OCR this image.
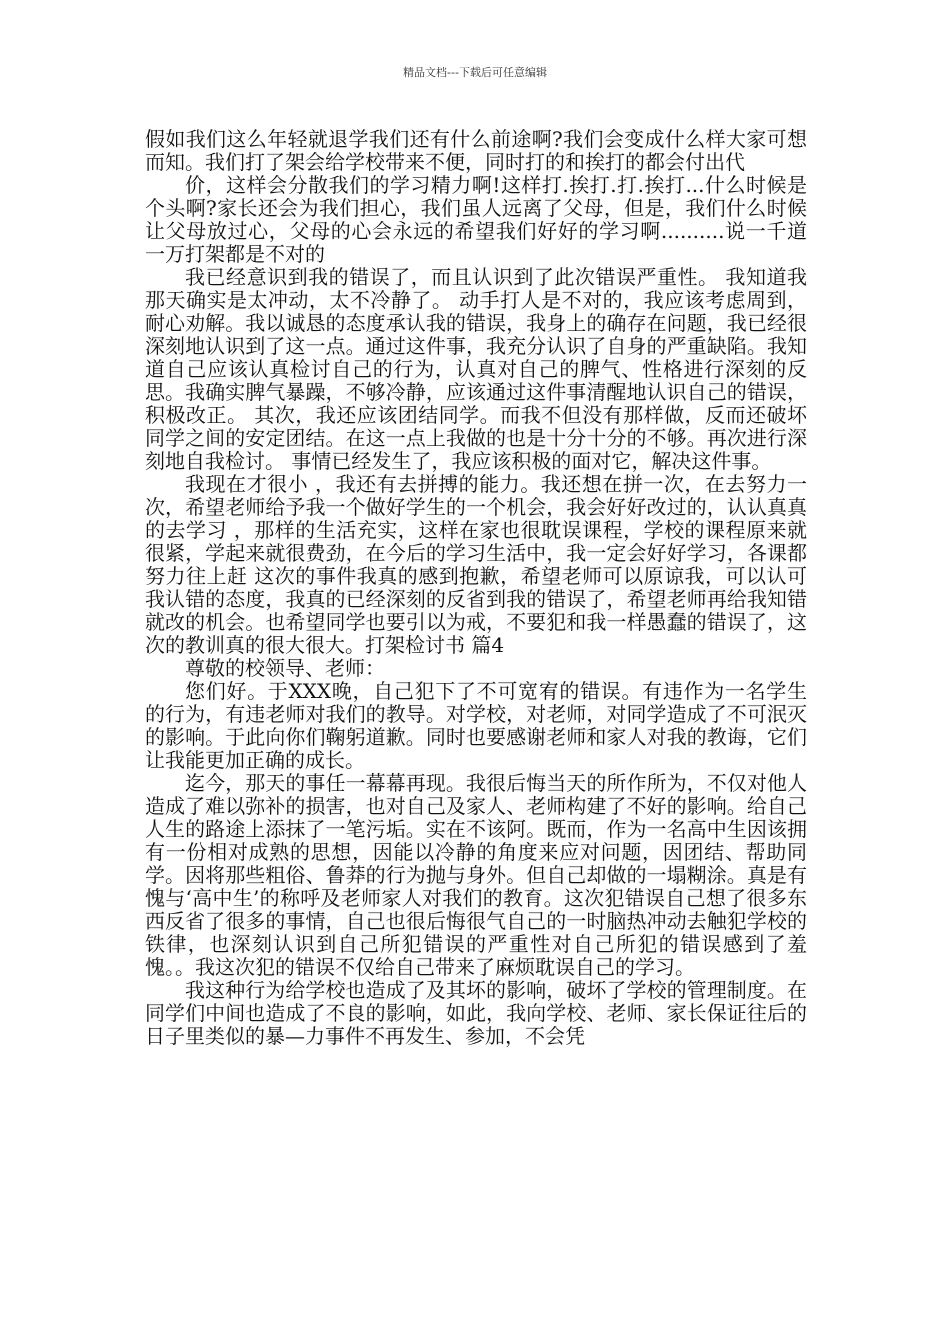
精品文档---下载后可任意编辑

假如我们这么年轻就退学我们还有什么前途啊?我们会变成什么样大家可想而知。我们打了架会给学校带来不便，同时打的和挨打的都会付出代

价，这样会分散我们的学习精力啊!这样打.挨打.打.挨打...什么时候是个头啊?家长还会为我们担心，我们虽人远离了父母，但是，我们什么时候让父母放过心，父母的心会永远的希望我们好好的学习啊..........说一千道一万打架都是不对的

我已经意识到我的错误了，而且认识到了此次错误严重性。 我知道我那天确实是太冲动，太不冷静了。 动手打人是不对的，我应该考虑周到，耐心劝解。我以诚恳的态度承认我的错误，我身上的确存在问题，我已经很深刻地认识到了这一点。通过这件事，我充分认识了自身的严重缺陷。我知道自己应该认真检讨自己的行为，认真对自己的脾气、性格进行深刻的反思。我确实脾气暴躁，不够冷静，应该通过这件事清醒地认识自己的错误，积极改正。 其次，我还应该团结同学。而我不但没有那样做，反而还破坏同学之间的安定团结。在这一点上我做的也是十分十分的不够。再次进行深刻地自我检讨。 事情已经发生了，我应该积极的面对它，解决这件事。

我现在才很小 ，我还有去拼搏的能力。我还想在拼一次，在去努力一次，希望老师给予我一个做好学生的一个机会，我会好好改过的，认认真真的去学习 ，那样的生活充实，这样在家也很耽误课程，学校的课程原来就很紧，学起来就很费劲，在今后的学习生活中，我一定会好好学习，各课都努力往上赶 这次的事件我真的感到抱歉，希望老师可以原谅我，可以认可我认错的态度，我真的已经深刻的反省到我的错误了，希望老师再给我知错就改的机会。也希望同学也要引以为戒，不要犯和我一样愚蠢的错误了，这次的教训真的很大很大。打架检讨书 篇4

尊敬的校领导、老师：

您们好。于XXX晚，自己犯下了不可宽宥的错误。有违作为一名学生的行为，有违老师对我们的教导。对学校，对老师，对同学造成了不可泯灭的影响。于此向你们鞠躬道歉。同时也要感谢老师和家人对我的教诲，它们让我能更加正确的成长。

迄今，那天的事任一幕幕再现。我很后悔当天的所作所为，不仅对他人造成了难以弥补的损害，也对自己及家人、老师构建了不好的影响。给自己人生的路途上添抹了一笔污垢。实在不该阿。既而，作为一名高中生因该拥有一份相对成熟的思想，因能以冷静的角度来应对问题，因团结、帮助同学。因将那些粗俗、鲁莽的行为抛与身外。但自己却做的一塌糊涂。真是有愧与‘高中生’的称呼及老师家人对我们的教育。这次犯错误自己想了很多东西反省了很多的事情，自己也很后悔很气自己的一时脑热冲动去触犯学校的铁律，也深刻认识到自己所犯错误的严重性对自己所犯的错误感到了羞愧。。我这次犯的错误不仅给自己带来了麻烦耽误自己的学习。

我这种行为给学校也造成了及其坏的影响，破坏了学校的管理制度。在同学们中间也造成了不良的影响，如此，我向学校、老师、家长保证往后的日子里类似的暴—力事件不再发生、参加，不会凭
